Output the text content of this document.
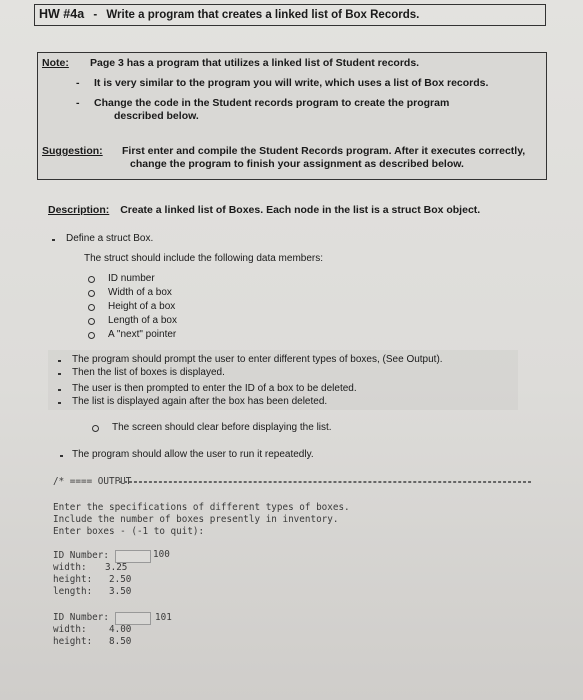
HW #4a - Write a program that creates a linked list of Box Records.
Note: Page 3 has a program that utilizes a linked list of Student records.
- It is very similar to the program you will write, which uses a list of Box records.
- Change the code in the Student records program to create the program
described below.
Suggestion: First enter and compile the Student Records program. After it executes correctly,
change the program to finish your assignment as described below.
Description: Create a linked list of Boxes. Each node in the list is a struct Box object.
Define a struct Box.
The struct should include the following data members:
ID number
Width of a box
Height of a box
Length of a box
A "next" pointer
The program should prompt the user to enter different types of boxes, (See Output).
Then the list of boxes is displayed.
The user is then prompted to enter the ID of a box to be deleted.
The list is displayed again after the box has been deleted.
The screen should clear before displaying the list.
The program should allow the user to run it repeatedly.
/* ==== OUTPUT
Enter the specifications of different types of boxes.
Include the number of boxes presently in inventory.
Enter boxes - (-1 to quit):
ID Number:	100
width: 3.25
height: 2.50
length: 3.50
ID Number:	101
width: 4.00
height: 8.50
